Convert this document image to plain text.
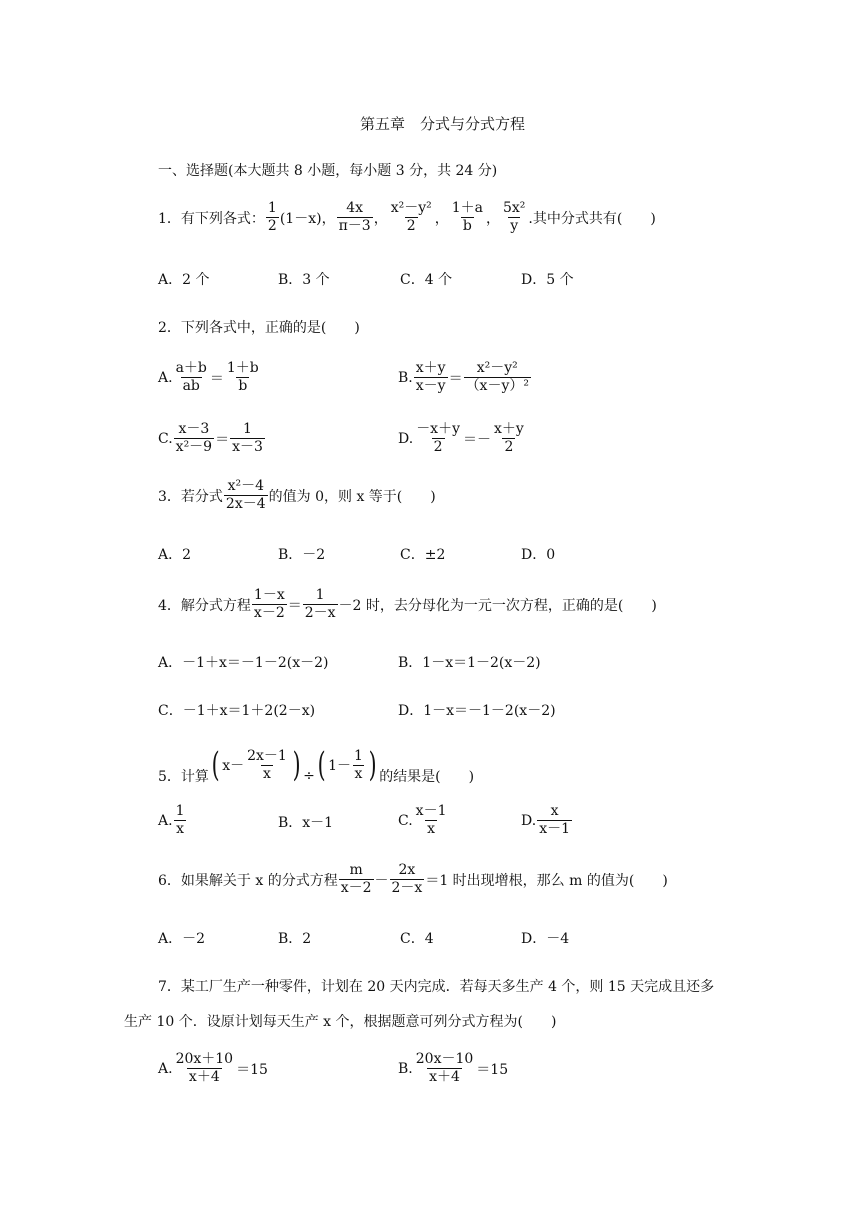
第五章　分式与分式方程
一、选择题(本大题共 8 小题，每小题 3 分，共 24 分)
1．有下列各式：
1
2 (1－x)，
4x
π－3 ，
x²－y²
2 ，
1＋a
b ，
5x²
y .其中分式共有(　　)
A．2 个	B．3 个	C．4 个	D．5 个
2．下列各式中，正确的是(　　)
A.
a＋b
ab ＝
1＋b
b
B.
x＋y
x－y ＝
x²－y²
（x－y）²
C.
x－3
x²－9 ＝
1
x－3
D.
－x＋y
2 ＝－
x＋y
2
3．若分式
x²－4
2x－4 的值为 0，则 x 等于(　　)
A．2	B．－2	C．±2	D．0
4．解分式方程
1－x
x－2 ＝
1
2－x －2 时，去分母化为一元一次方程，正确的是(　　)
A．－1＋x＝－1－2(x－2)	B．1－x＝1－2(x－2)
C．－1＋x＝1＋2(2－x)	D．1－x＝－1－2(x－2)
5．计算 ( x－
2x－1
x ) ÷ ( 1－
1
x ) 的结果是(　　)
A.
1
x	B．x－1	C.
x－1
x
D.
x
x－1
6．如果解关于 x 的分式方程
m
x－2 －
2x
2－x ＝1 时出现增根，那么 m 的值为(　　)
A．－2	B．2	C．4	D．－4
7．某工厂生产一种零件，计划在 20 天内完成．若每天多生产 4 个，则 15 天完成且还多
生产 10 个．设原计划每天生产 x 个，根据题意可列分式方程为(　　)
A.
20x＋10
x＋4 ＝15	B.
20x－10
x＋4 ＝15
